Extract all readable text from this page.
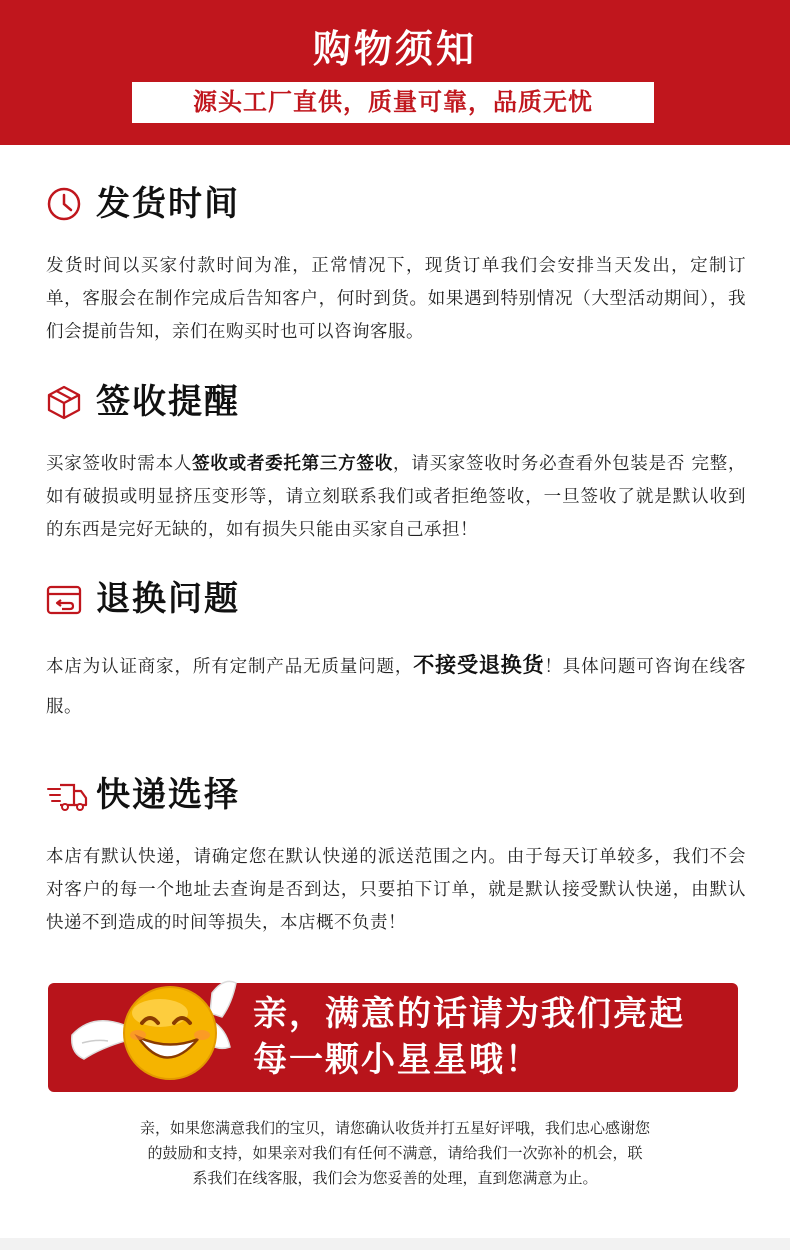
购物须知
源头工厂直供，质量可靠，品质无忧
发货时间
发货时间以买家付款时间为准，正常情况下，现货订单我们会安排当天发出，定制订单，客服会在制作完成后告知客户，何时到货。如果遇到特别情况（大型活动期间），我们会提前告知，亲们在购买时也可以咨询客服。
签收提醒
买家签收时需本人签收或者委托第三方签收，请买家签收时务必查看外包装是否 完整，如有破损或明显挤压变形等，请立刻联系我们或者拒绝签收，一旦签收了就是默认收到的东西是完好无缺的，如有损失只能由买家自己承担！
退换问题
本店为认证商家，所有定制产品无质量问题，不接受退换货！具体问题可咨询在线客服。
快递选择
本店有默认快递，请确定您在默认快递的派送范围之内。由于每天订单较多，我们不会对客户的每一个地址去查询是否到达，只要拍下订单，就是默认接受默认快递，由默认快递不到造成的时间等损失，本店概不负责！
亲，满意的话请为我们亮起
每一颗小星星哦！
亲，如果您满意我们的宝贝，请您确认收货并打五星好评哦，我们忠心感谢您
的鼓励和支持，如果亲对我们有任何不满意，请给我们一次弥补的机会，联
系我们在线客服，我们会为您妥善的处理，直到您满意为止。
